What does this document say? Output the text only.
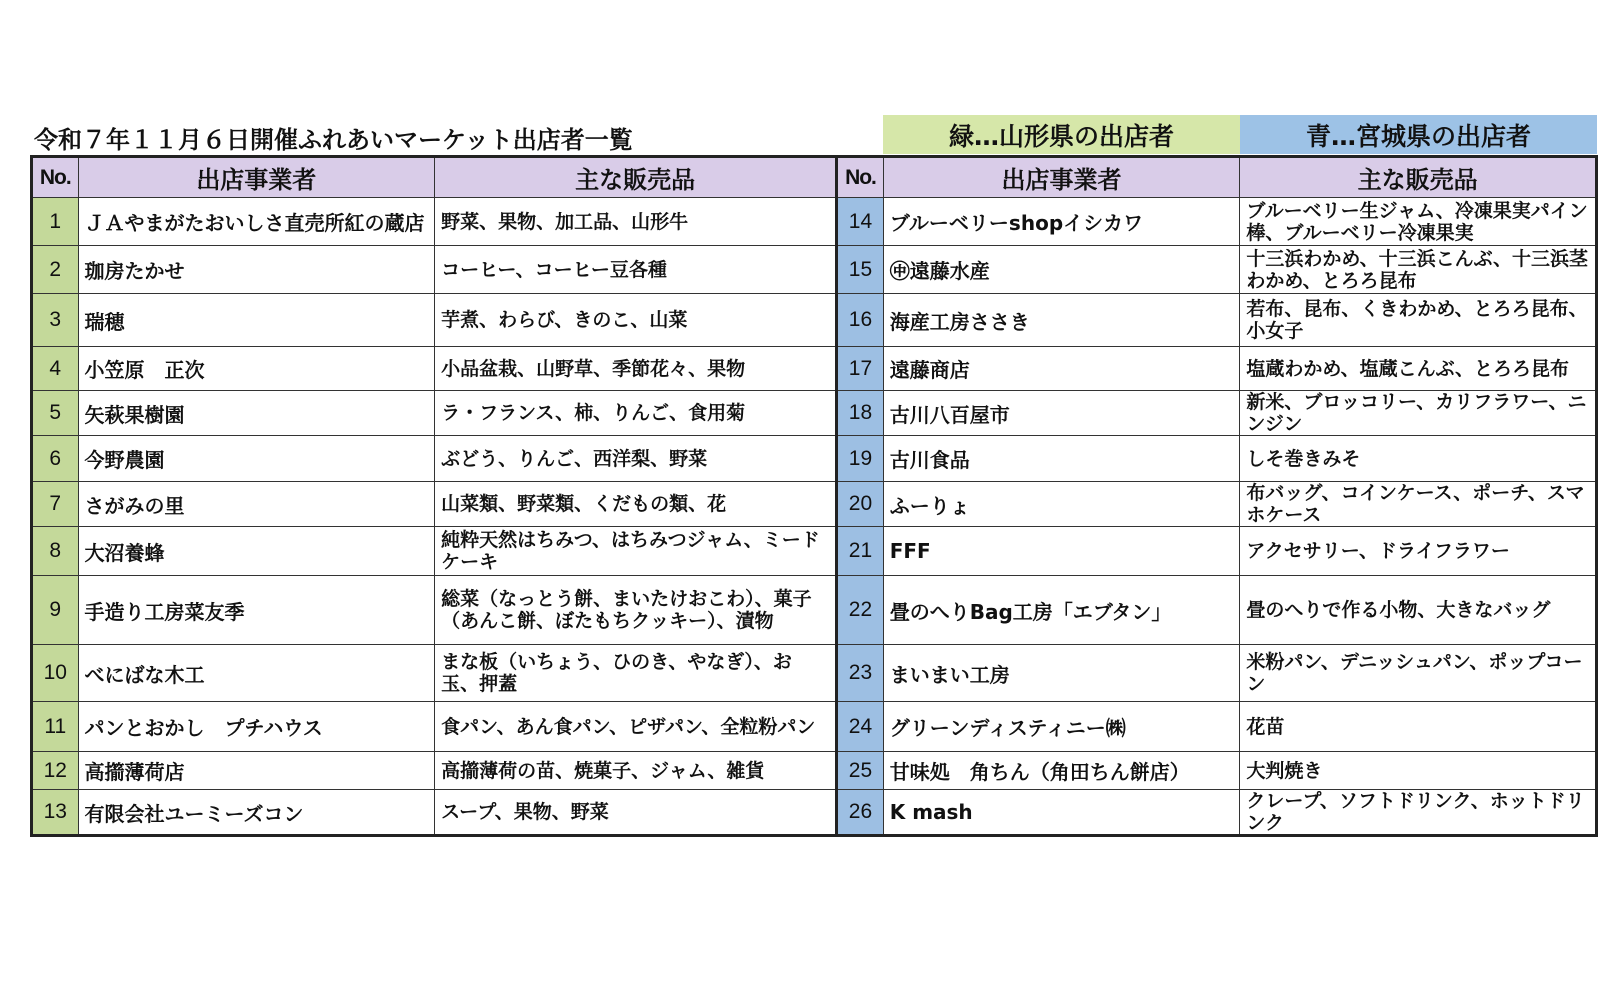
令和７年１１月６日開催ふれあいマーケット出店者一覧	緑…山形県の出店者	青…宮城県の出店者
No.	出店事業者	主な販売品	No.	出店事業者	主な販売品
1	ＪＡやまがたおいしさ直売所紅の蔵店	野菜、果物、加工品、山形牛	14	ブルーベリーshopイシカワ	ブルーベリー生ジャム、冷凍果実パイン棒、ブルーベリー冷凍果実
2	珈房たかせ	コーヒー、コーヒー豆各種	15	㊥遠藤水産	十三浜わかめ、十三浜こんぶ、十三浜茎わかめ、とろろ昆布
3	瑞穂	芋煮、わらび、きのこ、山菜	16	海産工房ささき	若布、昆布、くきわかめ、とろろ昆布、小女子
4	小笠原　正次	小品盆栽、山野草、季節花々、果物	17	遠藤商店	塩蔵わかめ、塩蔵こんぶ、とろろ昆布
5	矢萩果樹園	ラ・フランス、柿、りんご、食用菊	18	古川八百屋市	新米、ブロッコリー、カリフラワー、ニンジン
6	今野農園	ぶどう、りんご、西洋梨、野菜	19	古川食品	しそ巻きみそ
7	さがみの里	山菜類、野菜類、くだもの類、花	20	ふーりょ	布バッグ、コインケース、ポーチ、スマホケース
8	大沼養蜂	純粋天然はちみつ、はちみつジャム、ミードケーキ	21	FFF	アクセサリー、ドライフラワー
9	手造り工房菜友季	総菜（なっとう餅、まいたけおこわ）、菓子（あんこ餅、ぼたもちクッキー）、漬物	22	畳のへりBag工房「エブタン」	畳のへりで作る小物、大きなバッグ
10	べにばな木工	まな板（いちょう、ひのき、やなぎ）、お玉、押蓋	23	まいまい工房	米粉パン、デニッシュパン、ポップコーン
11	パンとおかし　プチハウス	食パン、あん食パン、ピザパン、全粒粉パン	24	グリーンディスティニー㈱	花苗
12	高擶薄荷店	高擶薄荷の苗、焼菓子、ジャム、雑貨	25	甘味処　角ちん（角田ちん餅店）	大判焼き
13	有限会社ユーミーズコン	スープ、果物、野菜	26	K mash	クレープ、ソフトドリンク、ホットドリンク
